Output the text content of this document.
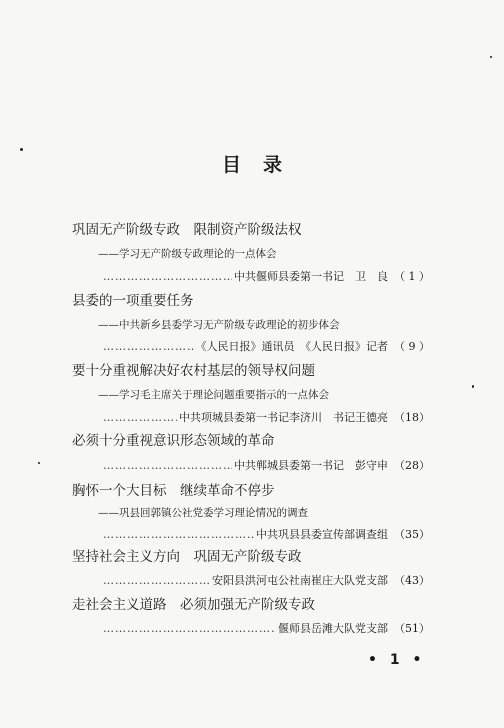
目录
巩固无产阶级专政　限制资产阶级法权
——学习无产阶级专政理论的一点体会
…………………………………………………………………………………………………………
中共偃师县委第一书记　卫　良 （ 1 ）
县委的一项重要任务
——中共新乡县委学习无产阶级专政理论的初步体会
…………………………………………………………………………………………………………
《人民日报》通讯员　《人民日报》记者 （ 9 ）
要十分重视解决好农村基层的领导权问题
——学习毛主席关于理论问题重要指示的一点体会
…………………………………………………………………………………………………………
中共项城县委第一书记李济川　书记王德亮 （18）
必须十分重视意识形态领域的革命
…………………………………………………………………………………………………………
中共郸城县委第一书记　彭守申 （28）
胸怀一个大目标　继续革命不停步
——巩县回郭镇公社党委学习理论情况的调查
…………………………………………………………………………………………………………
中共巩县县委宣传部调查组 （35）
坚持社会主义方向　巩固无产阶级专政
…………………………………………………………………………………………………………
安阳县洪河屯公社南崔庄大队党支部 （43）
走社会主义道路　必须加强无产阶级专政
…………………………………………………………………………………………………………
偃师县岳滩大队党支部 （51）
• 1 •
